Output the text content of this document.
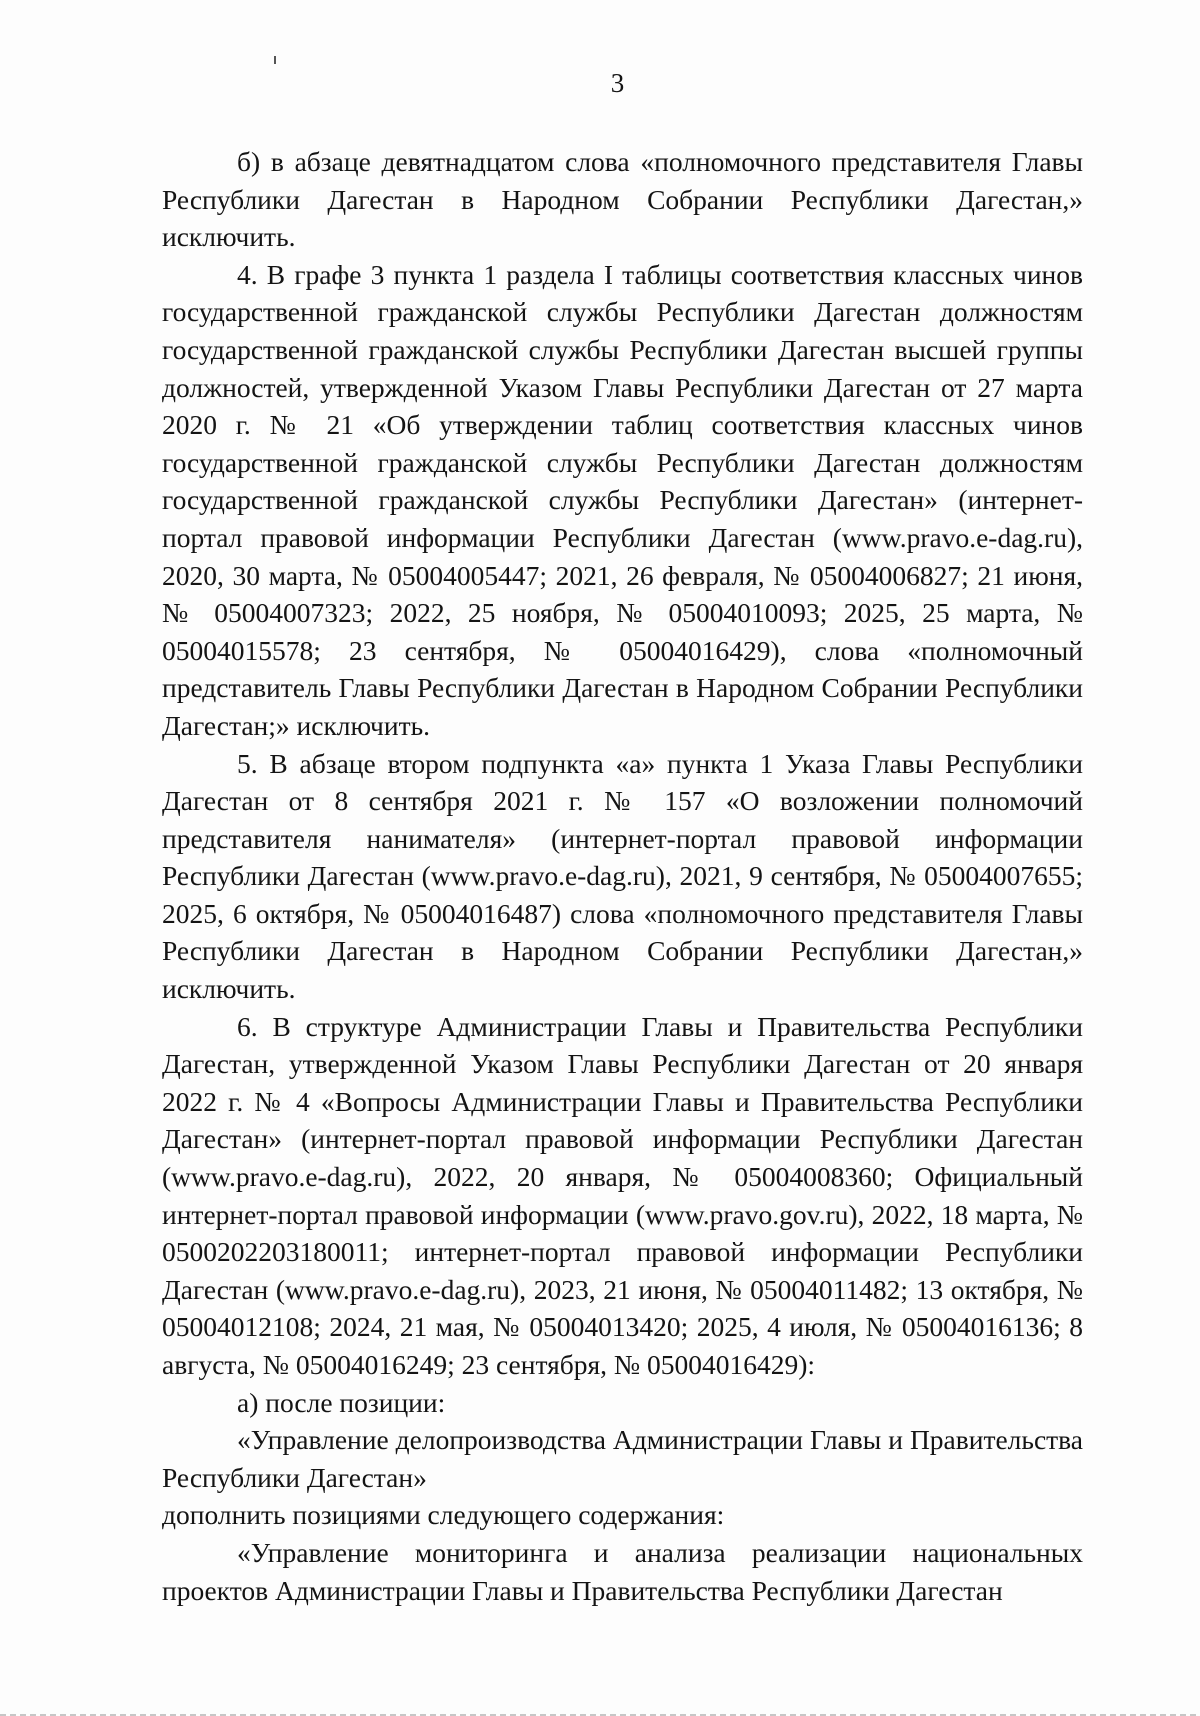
3

б) в абзаце девятнадцатом слова «полномочного представителя Главы Республики Дагестан в Народном Собрании Республики Дагестан,» исключить.

4. В графе 3 пункта 1 раздела I таблицы соответствия классных чинов государственной гражданской службы Республики Дагестан должностям государственной гражданской службы Республики Дагестан высшей группы должностей, утвержденной Указом Главы Республики Дагестан от 27 марта 2020 г. № 21 «Об утверждении таблиц соответствия классных чинов государственной гражданской службы Республики Дагестан должностям государственной гражданской службы Республики Дагестан» (интернет-портал правовой информации Республики Дагестан (www.pravo.e-dag.ru), 2020, 30 марта, № 05004005447; 2021, 26 февраля, № 05004006827; 21 июня, № 05004007323; 2022, 25 ноября, № 05004010093; 2025, 25 марта, № 05004015578; 23 сентября, № 05004016429), слова «полномочный представитель Главы Республики Дагестан в Народном Собрании Республики Дагестан;» исключить.

5. В абзаце втором подпункта «а» пункта 1 Указа Главы Республики Дагестан от 8 сентября 2021 г. № 157 «О возложении полномочий представителя нанимателя» (интернет-портал правовой информации Республики Дагестан (www.pravo.e-dag.ru), 2021, 9 сентября, № 05004007655; 2025, 6 октября, № 05004016487) слова «полномочного представителя Главы Республики Дагестан в Народном Собрании Республики Дагестан,» исключить.

6. В структуре Администрации Главы и Правительства Республики Дагестан, утвержденной Указом Главы Республики Дагестан от 20 января 2022 г. № 4 «Вопросы Администрации Главы и Правительства Республики Дагестан» (интернет-портал правовой информации Республики Дагестан (www.pravo.e-dag.ru), 2022, 20 января, № 05004008360; Официальный интернет-портал правовой информации (www.pravo.gov.ru), 2022, 18 марта, № 0500202203180011; интернет-портал правовой информации Республики Дагестан (www.pravo.e-dag.ru), 2023, 21 июня, № 05004011482; 13 октября, № 05004012108; 2024, 21 мая, № 05004013420; 2025, 4 июля, № 05004016136; 8 августа, № 05004016249; 23 сентября, № 05004016429):

а) после позиции:

«Управление делопроизводства Администрации Главы и Правительства Республики Дагестан»

дополнить позициями следующего содержания:

«Управление мониторинга и анализа реализации национальных проектов Администрации Главы и Правительства Республики Дагестан
